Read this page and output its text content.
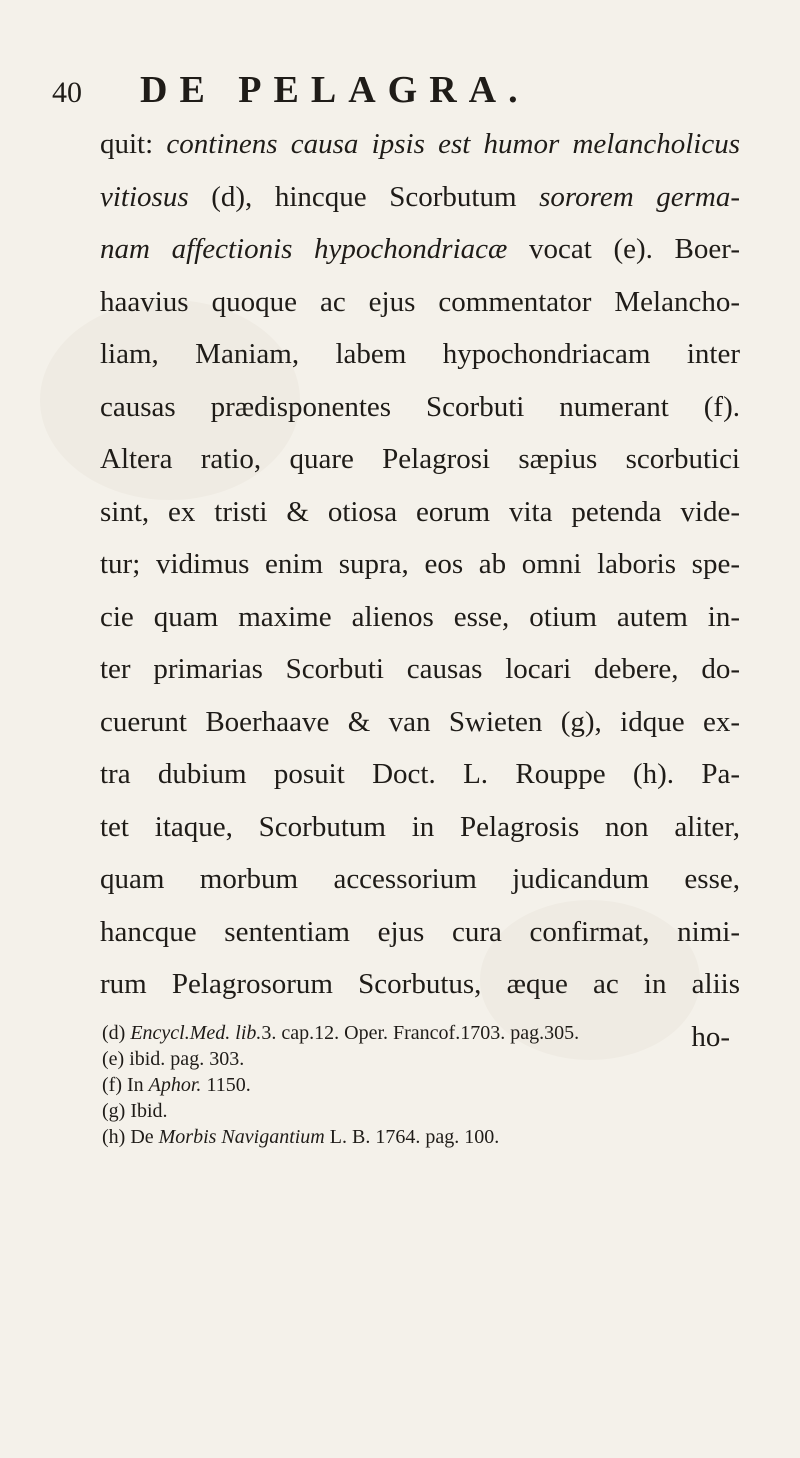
40 DE PELAGRA.
quit: continens causa ipsis est humor melancholicus
vitiosus (d), hincque Scorbutum sororem germa-
nam affectionis hypochondriacæ vocat (e). Boer-
haavius quoque ac ejus commentator Melancho-
liam, Maniam, labem hypochondriacam inter
causas prædisponentes Scorbuti numerant (f).
Altera ratio, quare Pelagrosi sæpius scorbutici
sint, ex tristi & otiosa eorum vita petenda vide-
tur; vidimus enim supra, eos ab omni laboris spe-
cie quam maxime alienos esse, otium autem in-
ter primarias Scorbuti causas locari debere, do-
cuerunt Boerhaave & van Swieten (g), idque ex-
tra dubium posuit Doct. L. Rouppe (h). Pa-
tet itaque, Scorbutum in Pelagrosis non aliter,
quam morbum accessorium judicandum esse,
hancque sententiam ejus cura confirmat, nimi-
rum Pelagrosorum Scorbutus, æque ac in aliis
ho-
(d) Encycl.Med. lib.3. cap.12. Oper. Francof.1703. pag.305.
(e) ibid. pag. 303.
(f) In Aphor. 1150.
(g) Ibid.
(h) De Morbis Navigantium L. B. 1764. pag. 100.
